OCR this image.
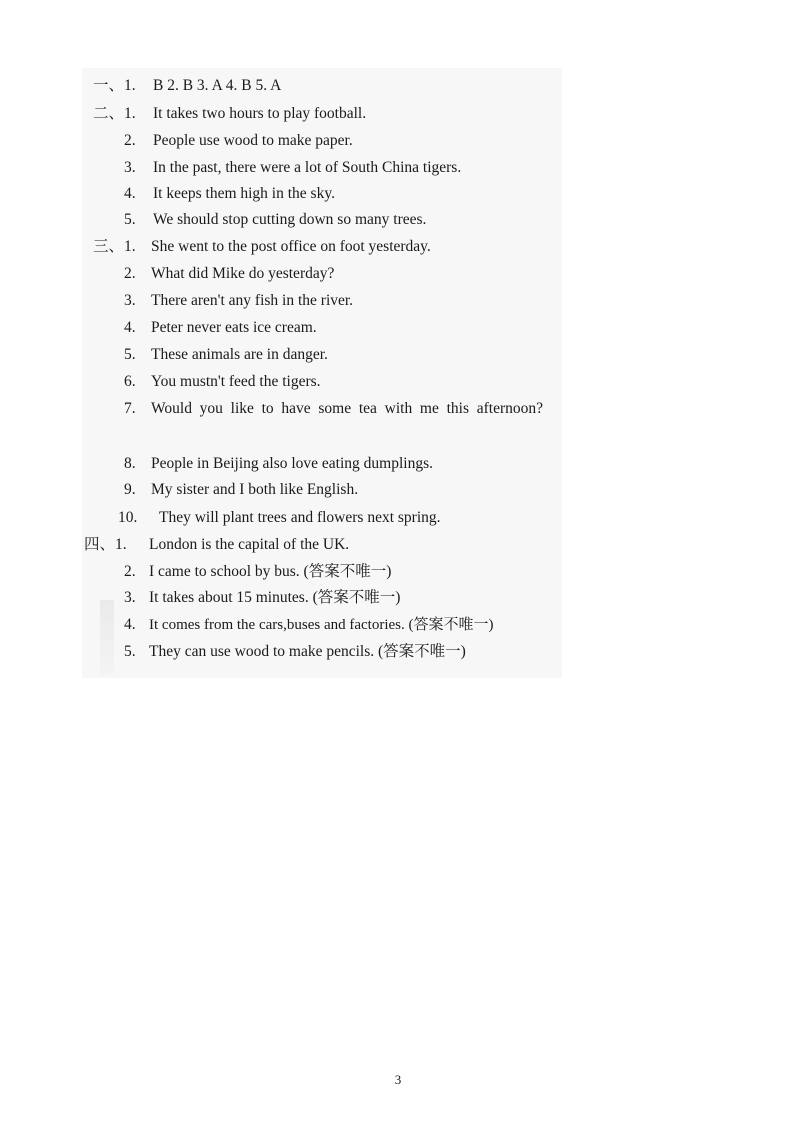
一、 1. B 2. B 3. A 4. B 5. A
二、 1. It takes two hours to play football.
2. People use wood to make paper.
3. In the past, there were a lot of South China tigers.
4. It keeps them high in the sky.
5. We should stop cutting down so many trees.
三、 1. She went to the post office on foot yesterday.
2. What did Mike do yesterday?
3. There aren't any fish in the river.
4. Peter never eats ice cream.
5. These animals are in danger.
6. You mustn't feed the tigers.
7. Would you like to have some tea with me this afternoon?
8. People in Beijing also love eating dumplings.
9. My sister and I both like English.
10. They will plant trees and flowers next spring.
四、 1. London is the capital of the UK.
2. I came to school by bus. (答案不唯一)
3. It takes about 15 minutes. (答案不唯一)
4. It comes from the cars,buses and factories. (答案不唯一)
5. They can use wood to make pencils. (答案不唯一)
3
